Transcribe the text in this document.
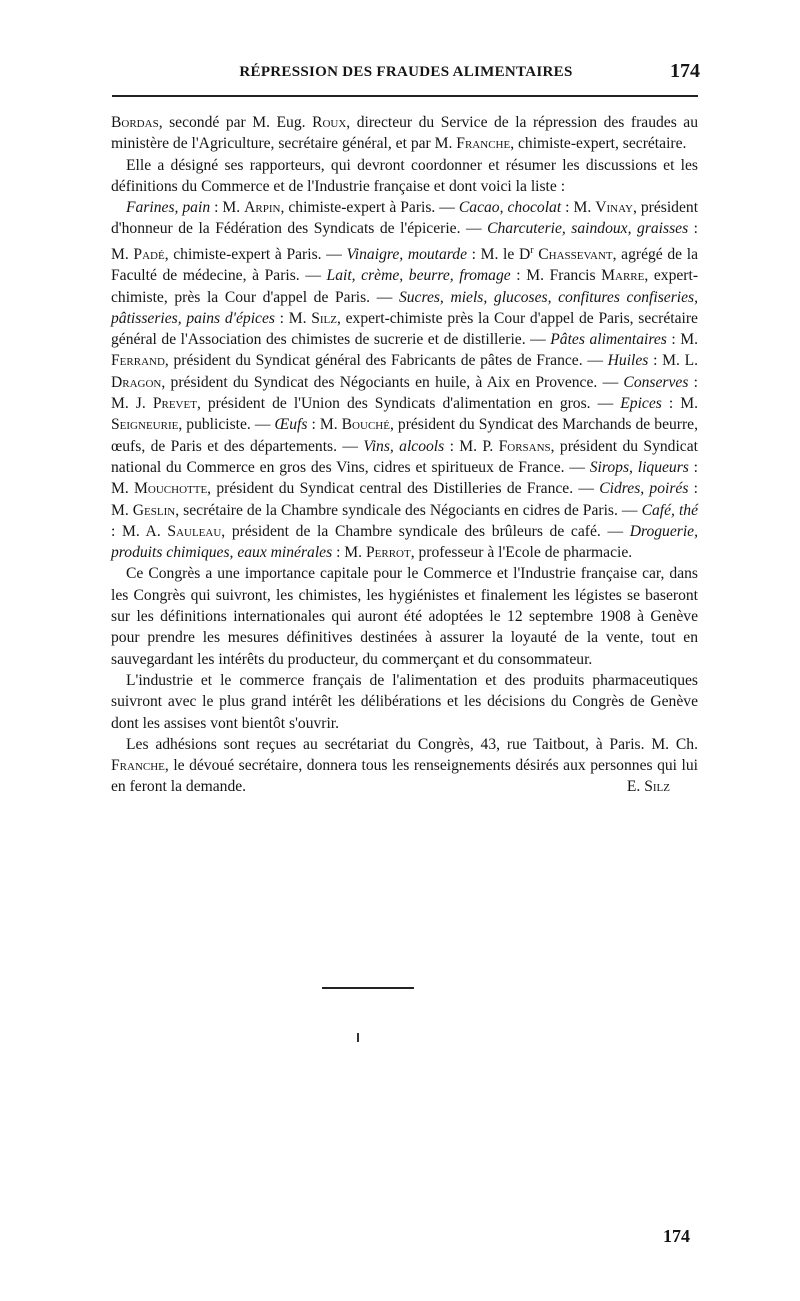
RÉPRESSION DES FRAUDES ALIMENTAIRES	174

Bordas, secondé par M. Eug. Roux, directeur du Service de la répression des fraudes au ministère de l'Agriculture, secrétaire général, et par M. Franche, chimiste-expert, secrétaire.

Elle a désigné ses rapporteurs, qui devront coordonner et résumer les discussions et les définitions du Commerce et de l'Industrie française et dont voici la liste :

Farines, pain : M. Arpin, chimiste-expert à Paris. — Cacao, chocolat : M. Vinay, président d'honneur de la Fédération des Syndicats de l'épicerie. — Charcuterie, saindoux, graisses : M. Padé, chimiste-expert à Paris. — Vinaigre, moutarde : M. le $D^r$ Chassevant, agrégé de la Faculté de médecine, à Paris. — Lait, crème, beurre, fromage : M. Francis Marre, expert-chimiste, près la Cour d'appel de Paris. — Sucres, miels, glucoses, confitures confiseries, pâtisseries, pains d'épices : M. Silz, expert-chimiste près la Cour d'appel de Paris, secrétaire général de l'Association des chimistes de sucrerie et de distillerie. — Pâtes alimentaires : M. Ferrand, président du Syndicat général des Fabricants de pâtes de France. — Huiles : M. L. Dragon, président du Syndicat des Négociants en huile, à Aix en Provence. — Conserves : M. J. Prevet, président de l'Union des Syndicats d'alimentation en gros. — Epices : M. Seigneurie, publiciste. — Œufs : M. Bouché, président du Syndicat des Marchands de beurre, œufs, de Paris et des départements. — Vins, alcools : M. P. Forsans, président du Syndicat national du Commerce en gros des Vins, cidres et spiritueux de France. — Sirops, liqueurs : M. Mouchotte, président du Syndicat central des Distilleries de France. — Cidres, poirés : M. Geslin, secrétaire de la Chambre syndicale des Négociants en cidres de Paris. — Café, thé : M. A. Sauleau, président de la Chambre syndicale des brûleurs de café. — Droguerie, produits chimiques, eaux minérales : M. Perrot, professeur à l'Ecole de pharmacie.

Ce Congrès a une importance capitale pour le Commerce et l'Industrie française car, dans les Congrès qui suivront, les chimistes, les hygiénistes et finalement les légistes se baseront sur les définitions internationales qui auront été adoptées le 12 septembre 1908 à Genève pour prendre les mesures définitives destinées à assurer la loyauté de la vente, tout en sauvegardant les intérêts du producteur, du commerçant et du consommateur.

L'industrie et le commerce français de l'alimentation et des produits pharmaceutiques suivront avec le plus grand intérêt les délibérations et les décisions du Congrès de Genève dont les assises vont bientôt s'ouvrir.

Les adhésions sont reçues au secrétariat du Congrès, 43, rue Taitbout, à Paris. M. Ch. Franche, le dévoué secrétaire, donnera tous les renseignements désirés aux personnes qui lui en feront la demande.	E. Silz

174
